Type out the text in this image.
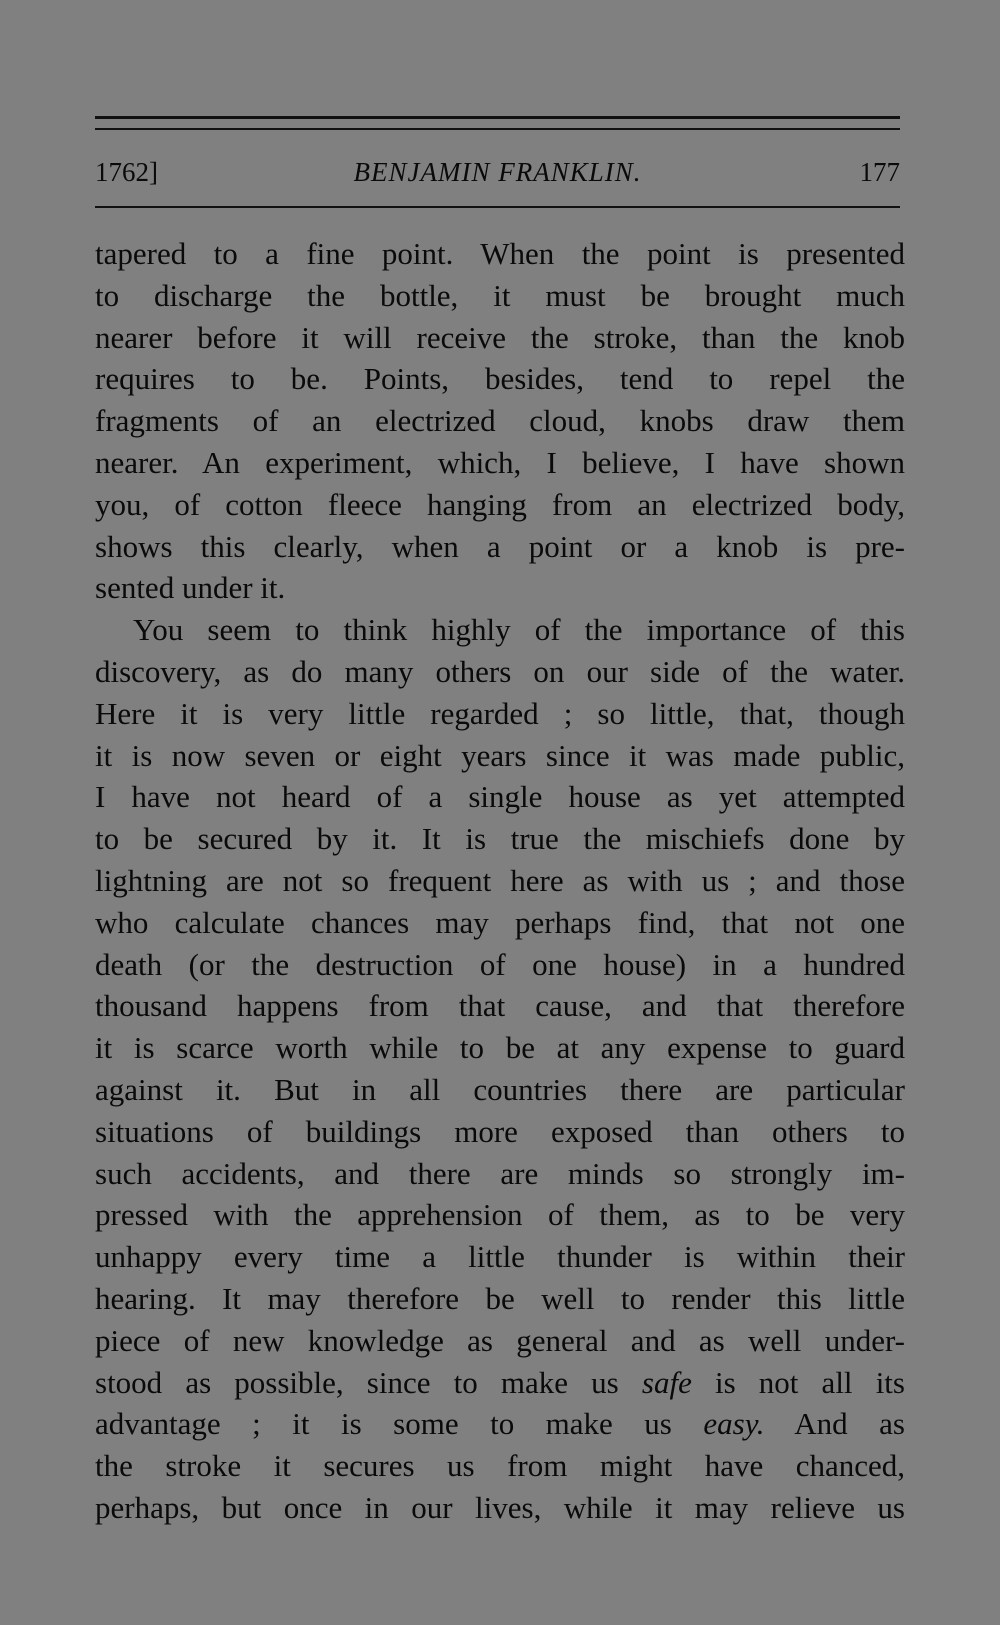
1762]	BENJAMIN FRANKLIN.	177
tapered to a fine point. When the point is presented
to discharge the bottle, it must be brought much
nearer before it will receive the stroke, than the knob
requires to be. Points, besides, tend to repel the
fragments of an electrized cloud, knobs draw them
nearer. An experiment, which, I believe, I have shown
you, of cotton fleece hanging from an electrized body,
shows this clearly, when a point or a knob is pre-
sented under it.
You seem to think highly of the importance of this
discovery, as do many others on our side of the water.
Here it is very little regarded ; so little, that, though
it is now seven or eight years since it was made public,
I have not heard of a single house as yet attempted
to be secured by it. It is true the mischiefs done by
lightning are not so frequent here as with us ; and those
who calculate chances may perhaps find, that not one
death (or the destruction of one house) in a hundred
thousand happens from that cause, and that therefore
it is scarce worth while to be at any expense to guard
against it. But in all countries there are particular
situations of buildings more exposed than others to
such accidents, and there are minds so strongly im-
pressed with the apprehension of them, as to be very
unhappy every time a little thunder is within their
hearing. It may therefore be well to render this little
piece of new knowledge as general and as well under-
stood as possible, since to make us safe is not all its
advantage ; it is some to make us easy. And as
the stroke it secures us from might have chanced,
perhaps, but once in our lives, while it may relieve us
